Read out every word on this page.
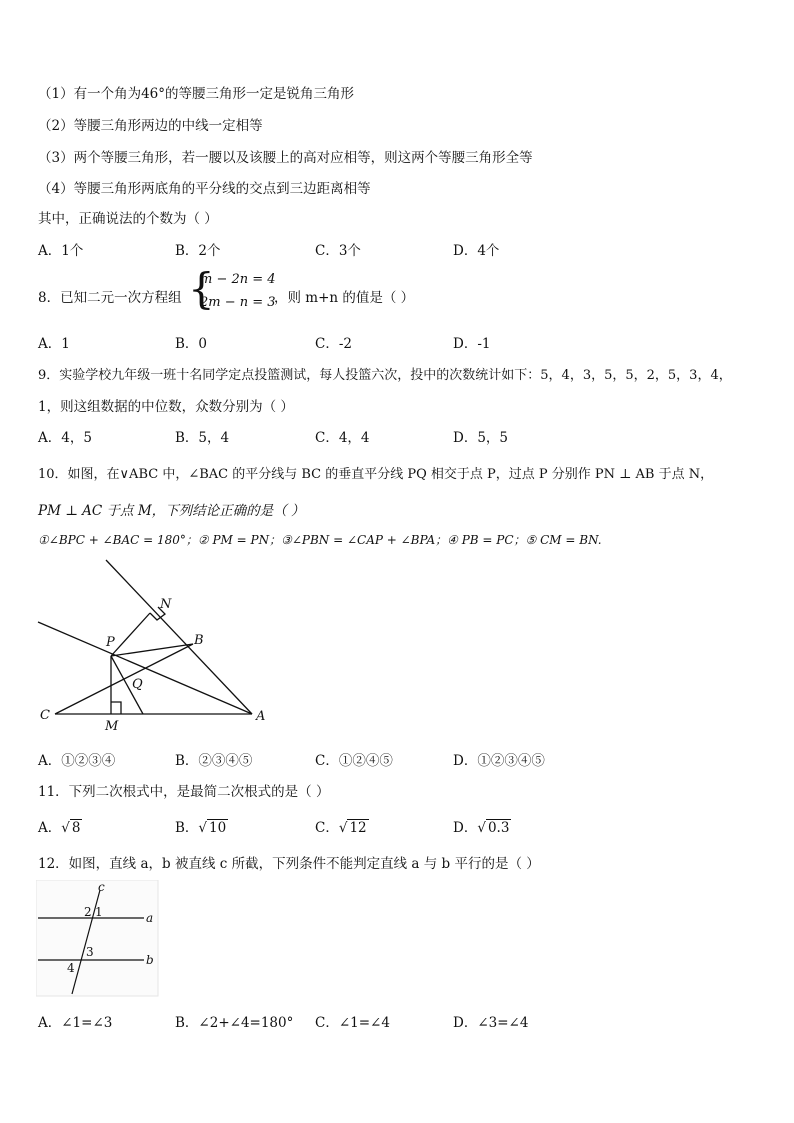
（1）有一个角为46°的等腰三角形一定是锐角三角形
（2）等腰三角形两边的中线一定相等
（3）两个等腰三角形，若一腰以及该腰上的高对应相等，则这两个等腰三角形全等
（4）等腰三角形两底角的平分线的交点到三边距离相等
其中，正确说法的个数为（ ）
A．1个	B．2个	C．3个	D．4个
8．已知二元一次方程组 {
m − 2n = 4
2m − n = 3
，则 m+n 的值是（ ）
A．1	B．0	C．-2	D．-1
9．实验学校九年级一班十名同学定点投篮测试，每人投篮六次，投中的次数统计如下：5，4，3，5，5，2，5，3，4，
1，则这组数据的中位数，众数分别为（ ）
A．4，5	B．5，4	C．4，4	D．5，5
10．如图，在∨ABC 中，∠BAC 的平分线与 BC 的垂直平分线 PQ 相交于点 P，过点 P 分别作 PN ⊥ AB 于点 N，
PM ⊥ AC 于点 M，下列结论正确的是（ ）
①∠BPC + ∠BAC = 180°；② PM = PN；③∠PBN = ∠CAP + ∠BPA；④ PB = PC；⑤ CM = BN.
N
P	B
Q
C
M
A
A．①②③④	B．②③④⑤	C．①②④⑤	D．①②③④⑤
11．下列二次根式中，是最简二次根式的是（ ）
A．√ 8	B．√ 10	C．√ 12	D．√ 0.3
12．如图，直线 a，b 被直线 c 所截，下列条件不能判定直线 a 与 b 平行的是（ ）
c
a
b
2 1
3
4
A．∠1=∠3	B．∠2+∠4=180° C．∠1=∠4	D．∠3=∠4
